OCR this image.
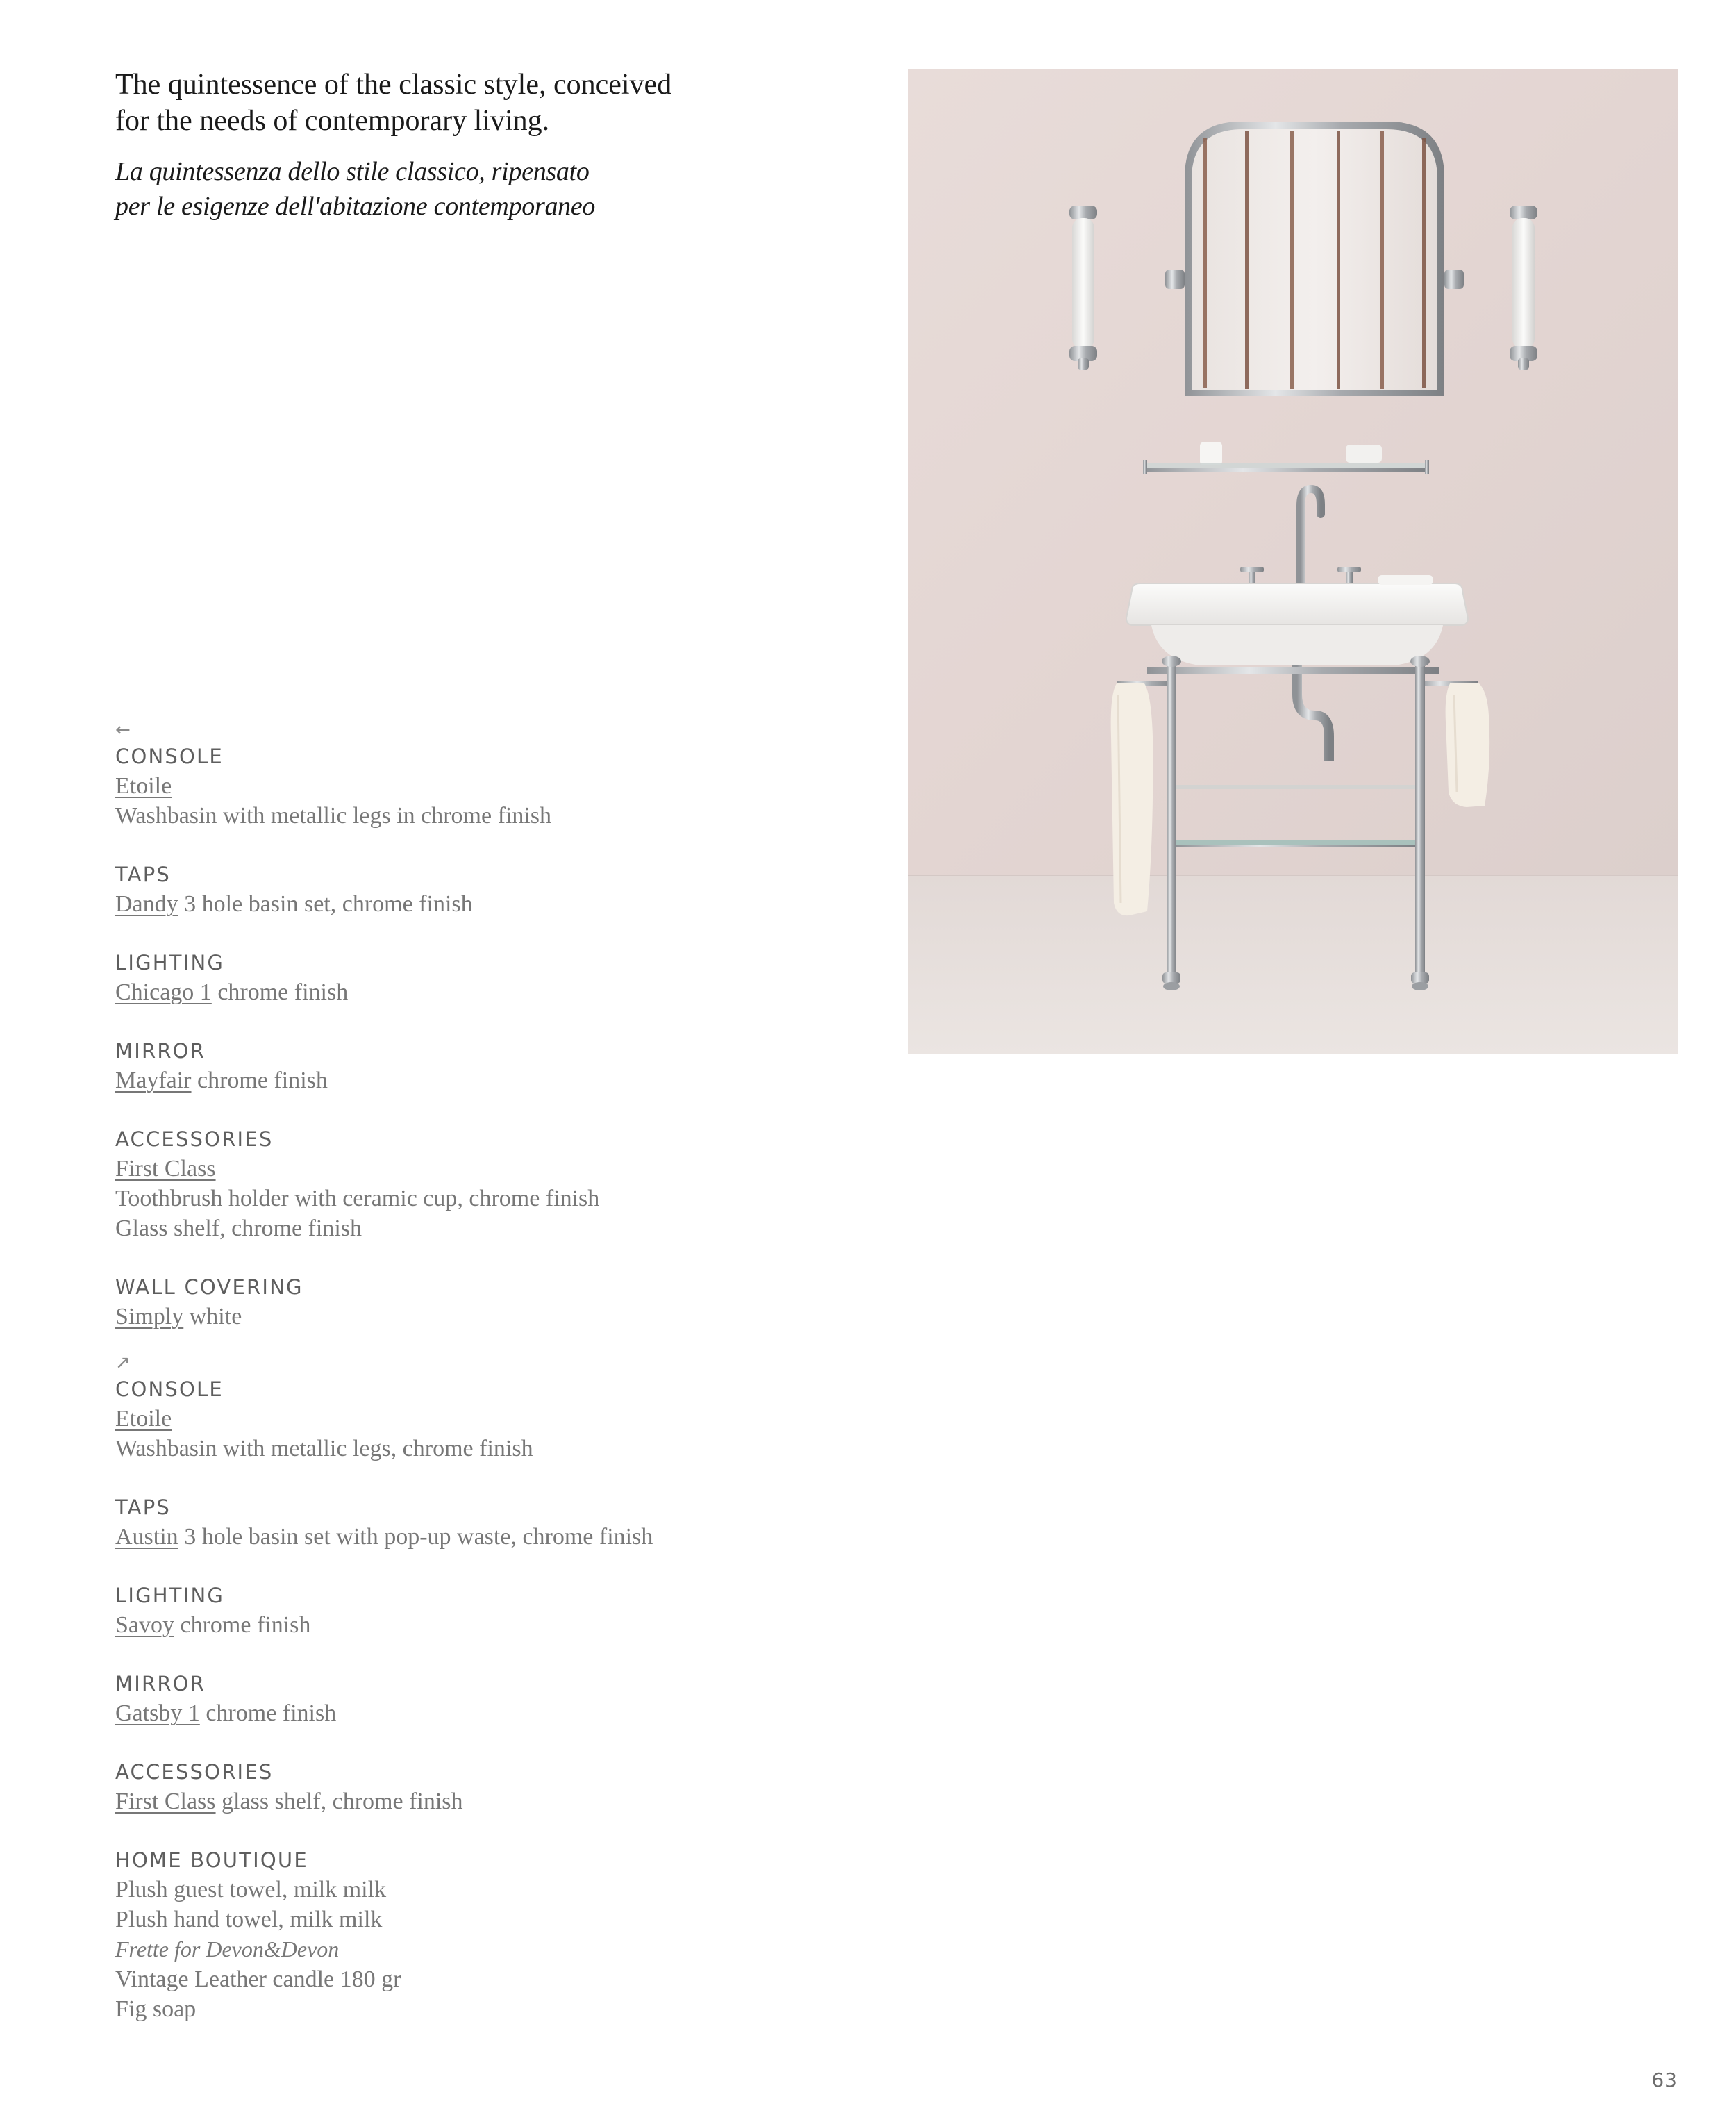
The quintessence of the classic style, conceived
for the needs of contemporary living.

La quintessenza dello stile classico, ripensato
per le esigenze dell'abitazione contemporaneo

←
CONSOLE
Etoile
Washbasin with metallic legs in chrome finish
TAPS
Dandy 3 hole basin set, chrome finish
LIGHTING
Chicago 1 chrome finish
MIRROR
Mayfair chrome finish
ACCESSORIES
First Class
Toothbrush holder with ceramic cup, chrome finish
Glass shelf, chrome finish
WALL COVERING
Simply white
↗
CONSOLE
Etoile
Washbasin with metallic legs, chrome finish
TAPS
Austin 3 hole basin set with pop-up waste, chrome finish
LIGHTING
Savoy chrome finish
MIRROR
Gatsby 1 chrome finish
ACCESSORIES
First Class glass shelf, chrome finish
HOME BOUTIQUE
Plush guest towel, milk milk
Plush hand towel, milk milk
Frette for Devon&Devon
Vintage Leather candle 180 gr
Fig soap
63
